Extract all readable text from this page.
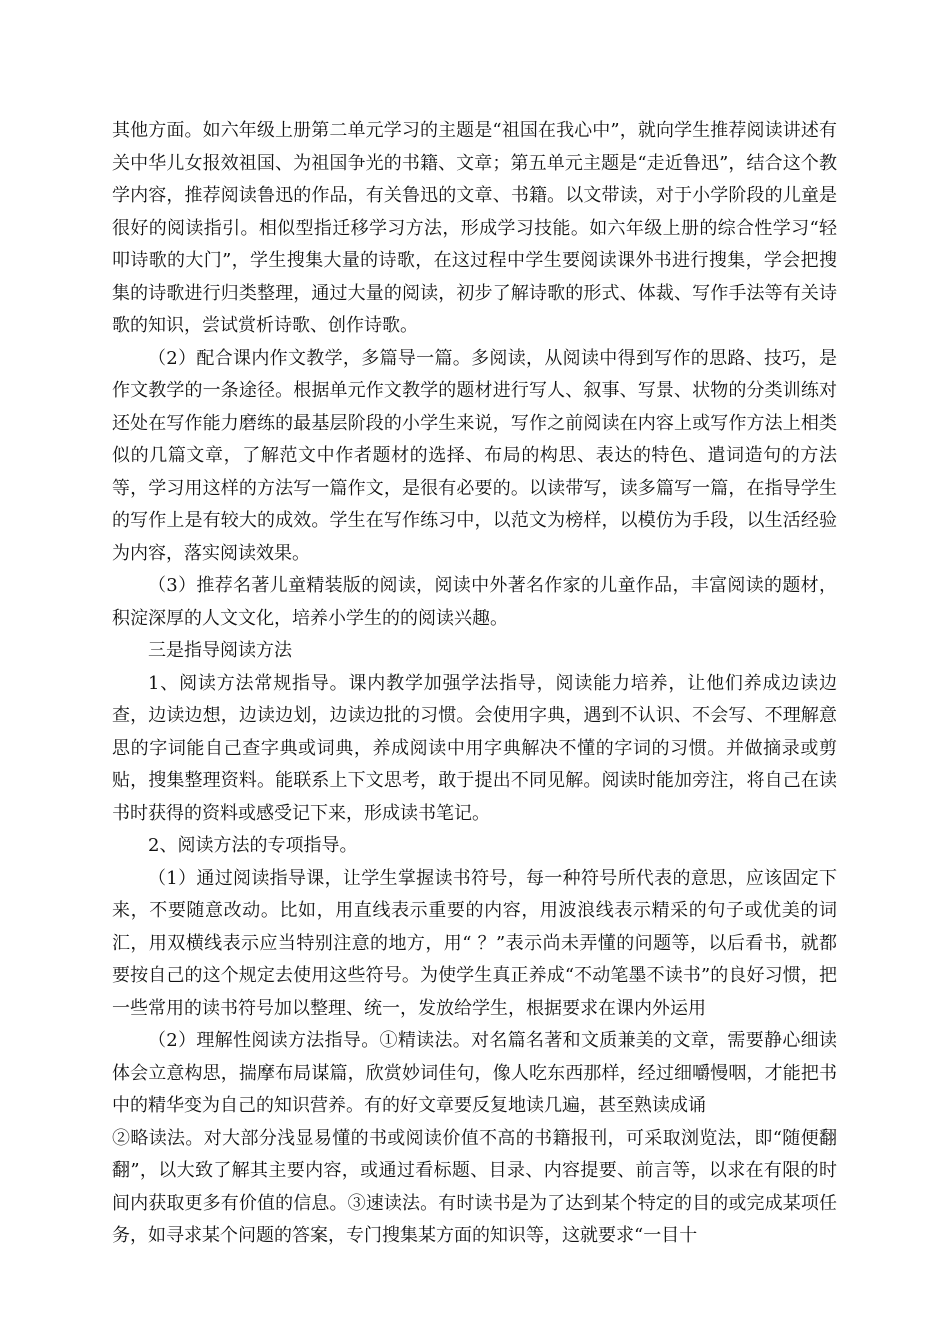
其他方面。如六年级上册第二单元学习的主题是“祖国在我心中”，就向学生推荐阅读讲述有关中华儿女报效祖国、为祖国争光的书籍、文章；第五单元主题是“走近鲁迅”，结合这个教学内容，推荐阅读鲁迅的作品，有关鲁迅的文章、书籍。以文带读，对于小学阶段的儿童是很好的阅读指引。相似型指迁移学习方法，形成学习技能。如六年级上册的综合性学习“轻叩诗歌的大门”，学生搜集大量的诗歌，在这过程中学生要阅读课外书进行搜集，学会把搜集的诗歌进行归类整理，通过大量的阅读，初步了解诗歌的形式、体裁、写作手法等有关诗歌的知识，尝试赏析诗歌、创作诗歌。

（2）配合课内作文教学，多篇导一篇。多阅读，从阅读中得到写作的思路、技巧，是作文教学的一条途径。根据单元作文教学的题材进行写人、叙事、写景、状物的分类训练对还处在写作能力磨练的最基层阶段的小学生来说，写作之前阅读在内容上或写作方法上相类似的几篇文章，了解范文中作者题材的选择、布局的构思、表达的特色、遣词造句的方法等，学习用这样的方法写一篇作文，是很有必要的。以读带写，读多篇写一篇，在指导学生的写作上是有较大的成效。学生在写作练习中，以范文为榜样，以模仿为手段，以生活经验为内容，落实阅读效果。

（3）推荐名著儿童精装版的阅读，阅读中外著名作家的儿童作品，丰富阅读的题材，积淀深厚的人文文化，培养小学生的的阅读兴趣。

三是指导阅读方法

1、阅读方法常规指导。课内教学加强学法指导，阅读能力培养，让他们养成边读边查，边读边想，边读边划，边读边批的习惯。会使用字典，遇到不认识、不会写、不理解意思的字词能自己查字典或词典，养成阅读中用字典解决不懂的字词的习惯。并做摘录或剪贴，搜集整理资料。能联系上下文思考，敢于提出不同见解。阅读时能加旁注，将自己在读书时获得的资料或感受记下来，形成读书笔记。

2、阅读方法的专项指导。

（1）通过阅读指导课，让学生掌握读书符号，每一种符号所代表的意思，应该固定下来，不要随意改动。比如，用直线表示重要的内容，用波浪线表示精采的句子或优美的词汇，用双横线表示应当特别注意的地方，用“ ？”表示尚未弄懂的问题等，以后看书，就都要按自己的这个规定去使用这些符号。为使学生真正养成“不动笔墨不读书”的良好习惯，把一些常用的读书符号加以整理、统一，发放给学生，根据要求在课内外运用

（2）理解性阅读方法指导。①精读法。对名篇名著和文质兼美的文章，需要静心细读体会立意构思，揣摩布局谋篇，欣赏妙词佳句，像人吃东西那样，经过细嚼慢咽，才能把书中的精华变为自己的知识营养。有的好文章要反复地读几遍，甚至熟读成诵

②略读法。对大部分浅显易懂的书或阅读价值不高的书籍报刊，可采取浏览法，即“随便翻翻”，以大致了解其主要内容，或通过看标题、目录、内容提要、前言等，以求在有限的时间内获取更多有价值的信息。③速读法。有时读书是为了达到某个特定的目的或完成某项任务，如寻求某个问题的答案，专门搜集某方面的知识等，这就要求“一目十
